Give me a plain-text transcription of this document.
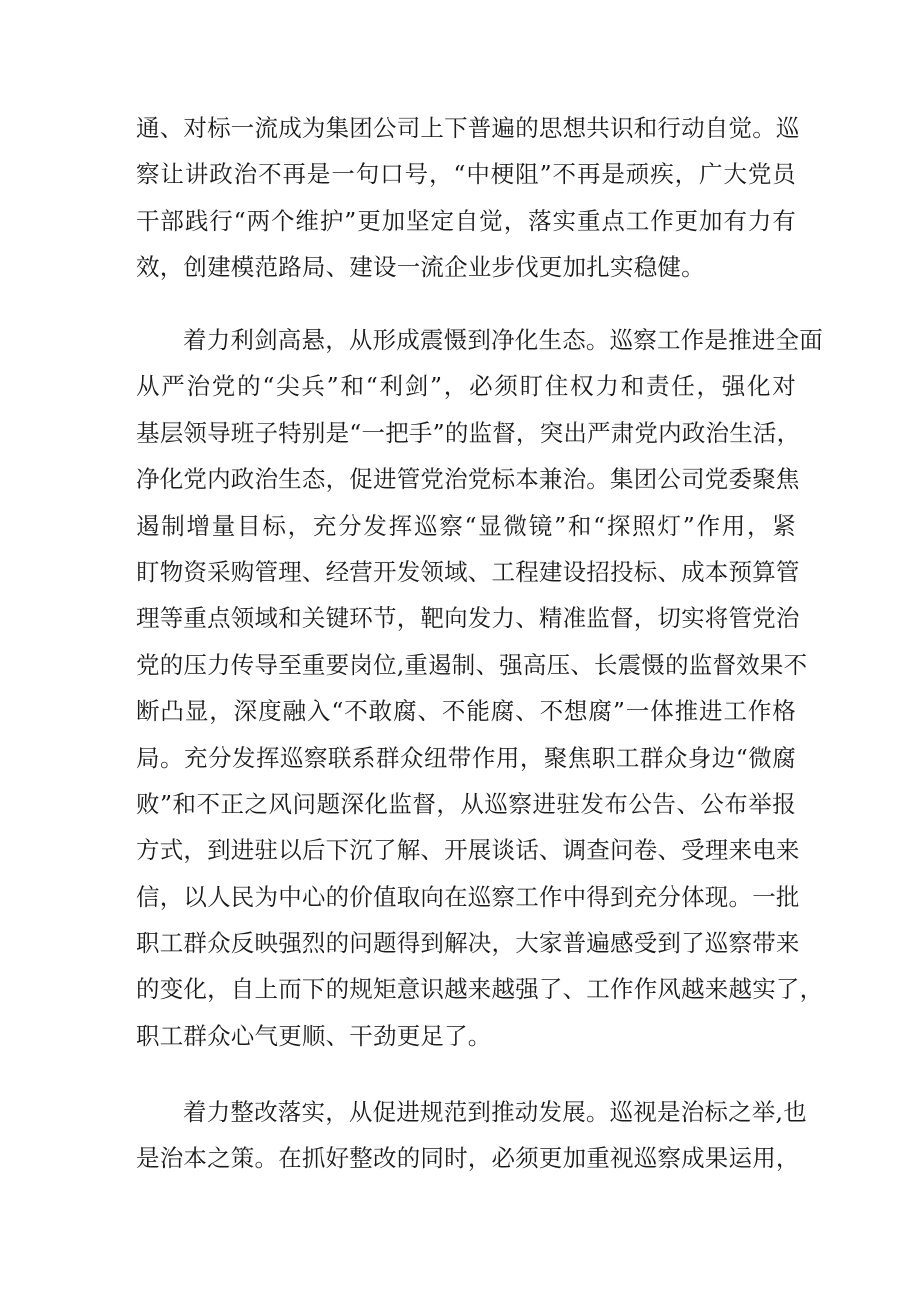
通、对标一流成为集团公司上下普遍的思想共识和行动自觉。巡
察让讲政治不再是一句口号，“中梗阻”不再是顽疾，广大党员
干部践行“两个维护”更加坚定自觉，落实重点工作更加有力有
效，创建模范路局、建设一流企业步伐更加扎实稳健。
着力利剑高悬，从形成震慑到净化生态。巡察工作是推进全面
从严治党的“尖兵”和“利剑”，必须盯住权力和责任，强化对
基层领导班子特别是“一把手”的监督，突出严肃党内政治生活，
净化党内政治生态，促进管党治党标本兼治。集团公司党委聚焦
遏制增量目标，充分发挥巡察“显微镜”和“探照灯”作用，紧
盯物资采购管理、经营开发领域、工程建设招投标、成本预算管
理等重点领域和关键环节，靶向发力、精准监督，切实将管党治
党的压力传导至重要岗位,重遏制、强高压、长震慑的监督效果不
断凸显，深度融入“不敢腐、不能腐、不想腐”一体推进工作格
局。充分发挥巡察联系群众纽带作用，聚焦职工群众身边“微腐
败”和不正之风问题深化监督，从巡察进驻发布公告、公布举报
方式，到进驻以后下沉了解、开展谈话、调查问卷、受理来电来
信，以人民为中心的价值取向在巡察工作中得到充分体现。一批
职工群众反映强烈的问题得到解决，大家普遍感受到了巡察带来
的变化，自上而下的规矩意识越来越强了、工作作风越来越实了，
职工群众心气更顺、干劲更足了。
着力整改落实，从促进规范到推动发展。巡视是治标之举,也
是治本之策。在抓好整改的同时，必须更加重视巡察成果运用，
